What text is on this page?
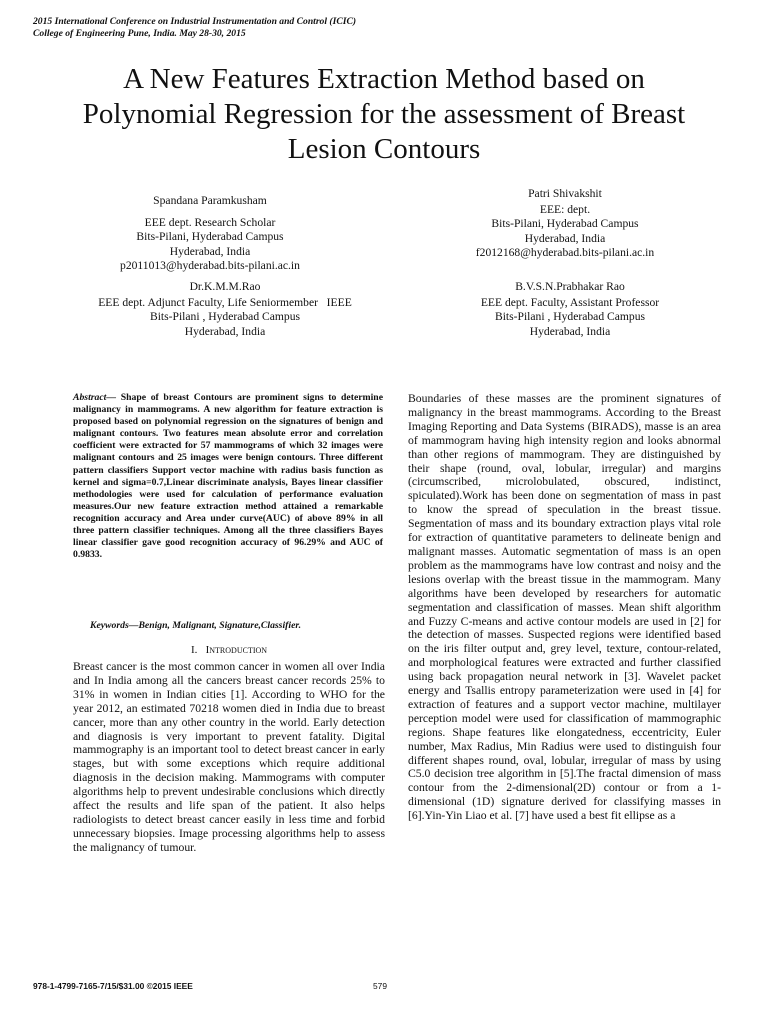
2015 International Conference on Industrial Instrumentation and Control (ICIC)
College of Engineering Pune, India. May 28-30, 2015
A New Features Extraction Method based on
Polynomial Regression for the assessment of Breast
Lesion Contours
Spandana Paramkusham
EEE dept. Research Scholar
Bits-Pilani, Hyderabad Campus
Hyderabad, India
p2011013@hyderabad.bits-pilani.ac.in
Patri Shivakshit
EEE: dept.
Bits-Pilani, Hyderabad Campus
Hyderabad, India
f2012168@hyderabad.bits-pilani.ac.in
Dr.K.M.M.Rao
EEE dept. Adjunct Faculty, Life Seniormember   IEEE
Bits-Pilani , Hyderabad Campus
Hyderabad, India
B.V.S.N.Prabhakar Rao
EEE dept. Faculty, Assistant Professor
Bits-Pilani , Hyderabad Campus
Hyderabad, India
Abstract— Shape of breast Contours are prominent signs to determine malignancy in mammograms. A new algorithm for feature extraction is proposed based on polynomial regression on the signatures of benign and malignant contours. Two features mean absolute error and correlation coefficient were extracted for 57 mammograms of which 32 images were malignant contours and 25 images were benign contours. Three different pattern classifiers Support vector machine with radius basis function as kernel and sigma=0.7,Linear discriminate analysis, Bayes linear classifier methodologies were used for calculation of performance evaluation measures.Our new feature extraction method attained a remarkable recognition accuracy and Area under curve(AUC) of above 89% in all three pattern classifier techniques. Among all the three classifiers Bayes linear classifier gave good recognition accuracy of 96.29% and AUC of 0.9833.
Keywords—Benign, Malignant, Signature,Classifier.
I. Introduction
Breast cancer is the most common cancer in women all over India and In India among all the cancers breast cancer records 25% to 31% in women in Indian cities [1]. According to WHO for the year 2012, an estimated 70218 women died in India due to breast cancer, more than any other country in the world. Early detection and diagnosis is very important to prevent fatality. Digital mammography is an important tool to detect breast cancer in early stages, but with some exceptions which require additional diagnosis in the decision making. Mammograms with computer algorithms help to prevent undesirable conclusions which directly affect the results and life span of the patient. It also helps radiologists to detect breast cancer easily in less time and forbid unnecessary biopsies. Image processing algorithms help to assess the malignancy of tumour.
Boundaries of these masses are the prominent signatures of malignancy in the breast mammograms. According to the Breast Imaging Reporting and Data Systems (BIRADS), masse is an area of mammogram having high intensity region and looks abnormal than other regions of mammogram. They are distinguished by their shape (round, oval, lobular, irregular) and margins (circumscribed, microlobulated, obscured, indistinct, spiculated).Work has been done on segmentation of mass in past to know the spread of speculation in the breast tissue. Segmentation of mass and its boundary extraction plays vital role for extraction of quantitative parameters to delineate benign and malignant masses. Automatic segmentation of mass is an open problem as the mammograms have low contrast and noisy and the lesions overlap with the breast tissue in the mammogram. Many algorithms have been developed by researchers for automatic segmentation and classification of masses. Mean shift algorithm and Fuzzy C-means and active contour models are used in [2] for the detection of masses. Suspected regions were identified based on the iris filter output and, grey level, texture, contour-related, and morphological features were extracted and further classified using back propagation neural network in [3]. Wavelet packet energy and Tsallis entropy parameterization were used in [4] for extraction of features and a support vector machine, multilayer perception model were used for classification of mammographic regions. Shape features like elongatedness, eccentricity, Euler number, Max Radius, Min Radius were used to distinguish four different shapes round, oval, lobular, irregular of mass by using C5.0 decision tree algorithm in [5].The fractal dimension of mass contour from the 2-dimensional(2D) contour or from a 1-dimensional (1D) signature derived for classifying masses in [6].Yin-Yin Liao et al. [7] have used a best fit ellipse as a
978-1-4799-7165-7/15/$31.00 ©2015 IEEE	579
